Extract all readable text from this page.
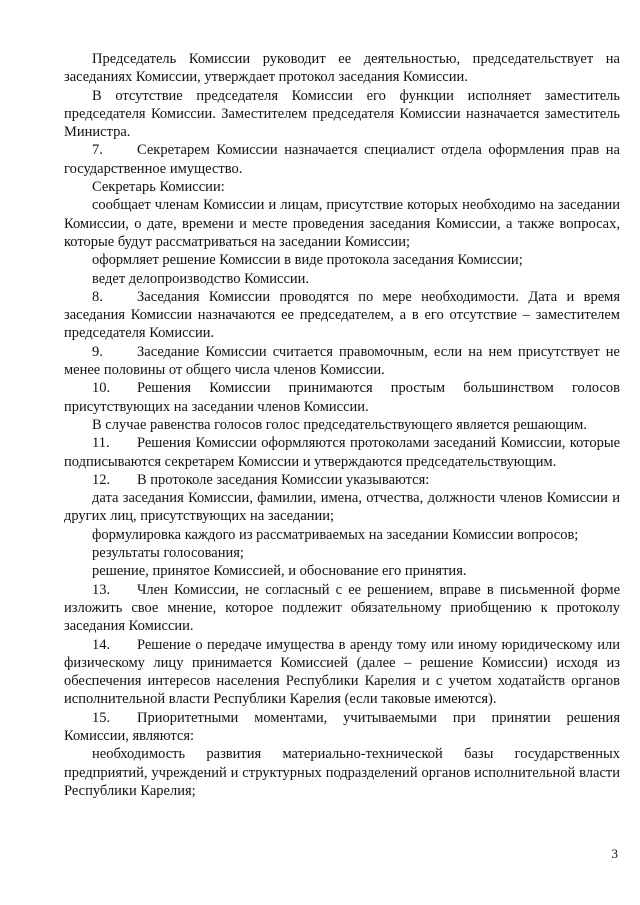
Председатель Комиссии руководит ее деятельностью, председательствует на заседаниях Комиссии, утверждает протокол заседания Комиссии.

В отсутствие председателя Комиссии его функции исполняет заместитель председателя Комиссии. Заместителем председателя Комиссии назначается заместитель Министра.

7. Секретарем Комиссии назначается специалист отдела оформления прав на государственное имущество.

Секретарь Комиссии:

сообщает членам Комиссии и лицам, присутствие которых необходимо на заседании Комиссии, о дате, времени и месте проведения заседания Комиссии, а также вопросах, которые будут рассматриваться на заседании Комиссии;

оформляет решение Комиссии в виде протокола заседания Комиссии;

ведет делопроизводство Комиссии.

8. Заседания Комиссии проводятся по мере необходимости. Дата и время заседания Комиссии назначаются ее председателем, а в его отсутствие – заместителем председателя Комиссии.

9. Заседание Комиссии считается правомочным, если на нем присутствует не менее половины от общего числа членов Комиссии.

10. Решения Комиссии принимаются простым большинством голосов присутствующих на заседании членов Комиссии.

В случае равенства голосов голос председательствующего является решающим.

11. Решения Комиссии оформляются протоколами заседаний Комиссии, которые подписываются секретарем Комиссии и утверждаются председательствующим.

12. В протоколе заседания Комиссии указываются:

дата заседания Комиссии, фамилии, имена, отчества, должности членов Комиссии и других лиц, присутствующих на заседании;

формулировка каждого из рассматриваемых на заседании Комиссии вопросов;

результаты голосования;

решение, принятое Комиссией, и обоснование его принятия.

13. Член Комиссии, не согласный с ее решением, вправе в письменной форме изложить свое мнение, которое подлежит обязательному приобщению к протоколу заседания Комиссии.

14. Решение о передаче имущества в аренду тому или иному юридическому или физическому лицу принимается Комиссией (далее – решение Комиссии) исходя из обеспечения интересов населения Республики Карелия и с учетом ходатайств органов исполнительной власти Республики Карелия (если таковые имеются).

15. Приоритетными моментами, учитываемыми при принятии решения Комиссии, являются:

необходимость развития материально-технической базы государственных предприятий, учреждений и структурных подразделений органов исполнительной власти Республики Карелия;

3
